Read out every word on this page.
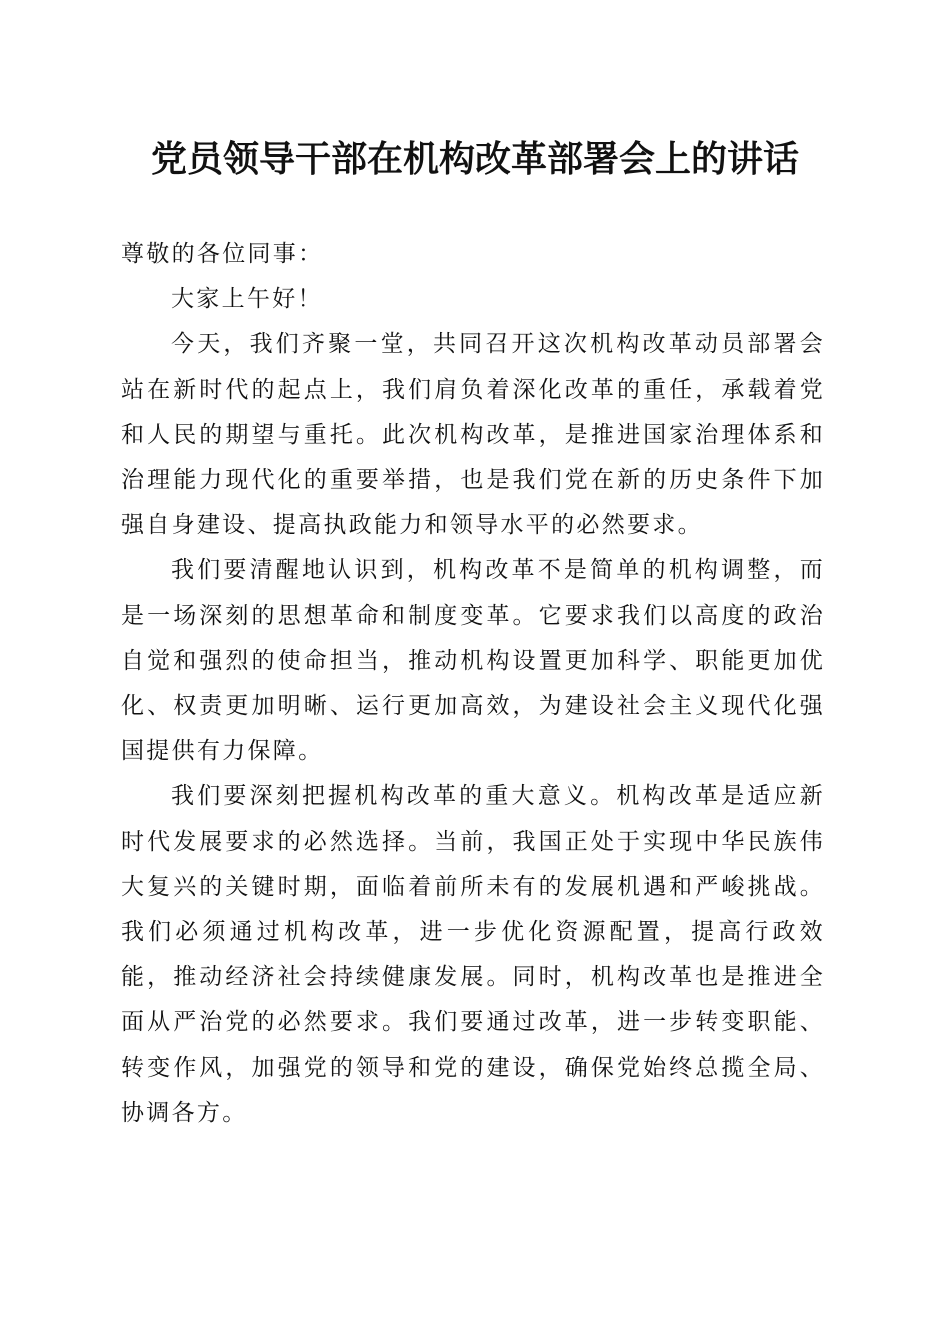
党员领导干部在机构改革部署会上的讲话

尊敬的各位同事：

大家上午好！

今天，我们齐聚一堂，共同召开这次机构改革动员部署会站在新时代的起点上，我们肩负着深化改革的重任，承载着党和人民的期望与重托。此次机构改革，是推进国家治理体系和治理能力现代化的重要举措，也是我们党在新的历史条件下加强自身建设、提高执政能力和领导水平的必然要求。

我们要清醒地认识到，机构改革不是简单的机构调整，而是一场深刻的思想革命和制度变革。它要求我们以高度的政治自觉和强烈的使命担当，推动机构设置更加科学、职能更加优化、权责更加明晰、运行更加高效，为建设社会主义现代化强国提供有力保障。

我们要深刻把握机构改革的重大意义。机构改革是适应新时代发展要求的必然选择。当前，我国正处于实现中华民族伟大复兴的关键时期，面临着前所未有的发展机遇和严峻挑战。我们必须通过机构改革，进一步优化资源配置，提高行政效能，推动经济社会持续健康发展。同时，机构改革也是推进全面从严治党的必然要求。我们要通过改革，进一步转变职能、转变作风，加强党的领导和党的建设，确保党始终总揽全局、协调各方。
